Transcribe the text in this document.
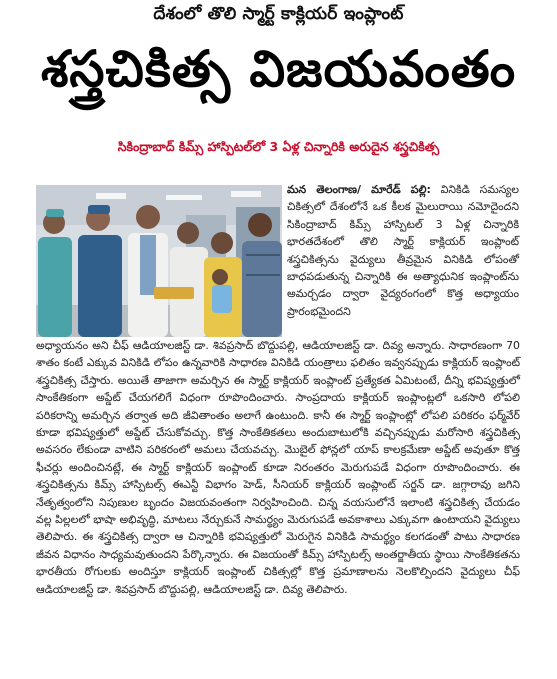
దేశంలో తొలి స్మార్ట్ కాక్లియర్ ఇంప్లాంట్
శస్త్రచికిత్స విజయవంతం
సికింద్రాబాద్ కిమ్స్ హాస్పిటల్‌లో 3 ఏళ్ల చిన్నారికి అరుదైన శస్త్రచికిత్స
మన తెలంగాణ/ మారేడ్ పల్లి: వినికిడి సమస్యల చికిత్సలో దేశంలోనే ఒక కీలక మైలురాయి నమోదైందని సికింద్రాబాద్ కిమ్స్ హాస్పిటల్ 3 ఏళ్ల చిన్నారికి భారతదేశంలో తొలి స్మార్ట్ కాక్లియర్ ఇంప్లాంట్ శస్త్రచికిత్సను వైద్యులు తీవ్రమైన వినికిడి లోపంతో బాధపడుతున్న చిన్నారికి ఈ అత్యాధునిక ఇంప్లాంట్‌ను అమర్చడం ద్వారా వైద్యరంగంలో కొత్త అధ్యాయం ప్రారంభమైందని
అధ్యాయనం అని చీఫ్ ఆడియాలజిస్ట్ డా. శివప్రసాద్ బొద్దుపల్లి, ఆడియాలజిస్ట్ డా. దివ్య అన్నారు. సాధారణంగా 70 శాతం కంటే ఎక్కువ వినికిడి లోపం ఉన్నవారికి సాధారణ వినికిడి యంత్రాలు ఫలితం ఇవ్వనప్పుడు కాక్లియర్ ఇంప్లాంట్ శస్త్రచికిత్స చేస్తారు. అయితే తాజాగా అమర్చిన ఈ స్మార్ట్ కాక్లియర్ ఇంప్లాంట్ ప్రత్యేకత ఏమిటంటే, దీన్ని భవిష్యత్తులో సాంకేతికంగా అప్డేట్ చేయగలిగే విధంగా రూపొందించారు. సాంప్రదాయ కాక్లియర్ ఇంప్లాంట్లలో ఒకసారి లోపలి పరికరాన్ని అమర్చిన తర్వాత అది జీవితాంతం అలాగే ఉంటుంది. కానీ ఈ స్మార్ట్ ఇంప్లాంట్లో లోపలి పరికరం ఫర్మ్‌వేర్ కూడా భవిష్యత్తులో అప్డేట్ చేసుకోవచ్చు. కొత్త సాంకేతికతలు అందుబాటులోకి వచ్చినప్పుడు మరోసారి శస్త్రచికిత్స అవసరం లేకుండా వాటిని పరికరంలో అమలు చేయవచ్చు. మొబైల్ ఫోన్లలో యాప్ కాలక్రమేణా అప్డేట్ అవుతూ కొత్త ఫీచర్లు అందించినట్లే, ఈ స్మార్ట్ కాక్లియర్ ఇంప్లాంట్ కూడా నిరంతరం మెరుగుపడే విధంగా రూపొందించారు. ఈ శస్త్రచికిత్సను కిమ్స్ హాస్పిటల్స్ ఈఎన్టీ విభాగం హెడ్, సీనియర్ కాక్లియర్ ఇంప్లాంట్ సర్జన్ డా. జగ్గారావు జగిని నేతృత్వంలోని నిపుణుల బృందం విజయవంతంగా నిర్వహించింది. చిన్న వయసులోనే ఇలాంటి శస్త్రచికిత్స చేయడం వల్ల పిల్లలలో భాషా అభివృద్ధి, మాటలు నేర్చుకునే సామర్థ్యం మెరుగుపడే అవకాశాలు ఎక్కువగా ఉంటాయని వైద్యులు తెలిపారు. ఈ శస్త్రచికిత్స ద్వారా ఆ చిన్నారికి భవిష్యత్తులో మెరుగైన వినికిడి సామర్థ్యం కలగడంతో పాటు సాధారణ జీవన విధానం సాధ్యమవుతుందని పేర్కొన్నారు. ఈ విజయంతో కిమ్స్ హాస్పిటల్స్ అంతర్జాతీయ స్థాయి సాంకేతికతను భారతీయ రోగులకు అందిస్తూ కాక్లియర్ ఇంప్లాంట్ చికిత్సల్లో కొత్త ప్రమాణాలను నెలకొల్పిందని వైద్యులు చీఫ్ ఆడియాలజిస్ట్ డా. శివప్రసాద్ బొద్దుపల్లి, ఆడియాలజిస్ట్ డా. దివ్య తెలిపారు.
